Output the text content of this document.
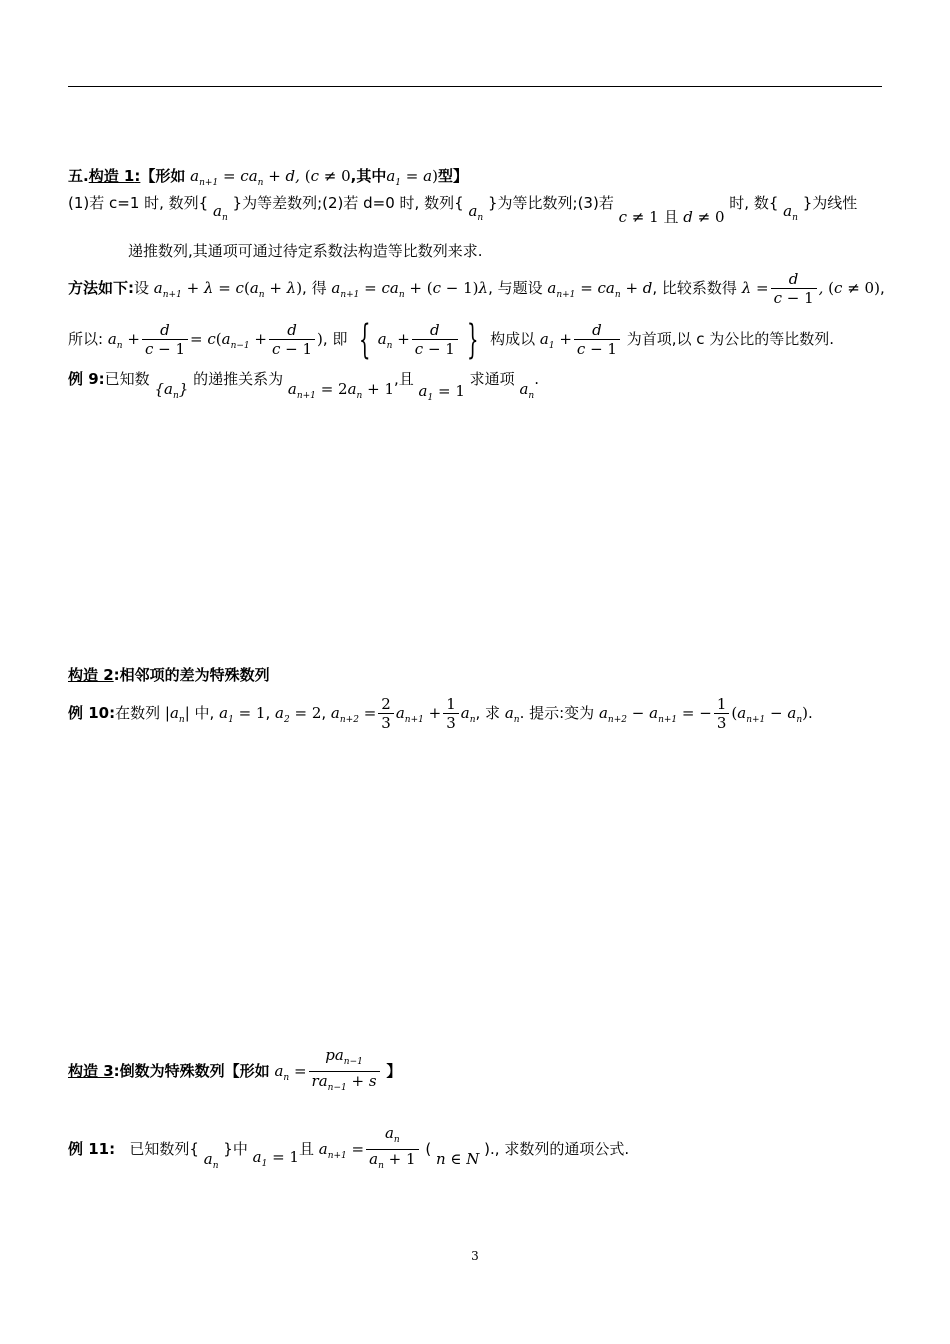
五.构造 1:【形如 $a_{n+1} = ca_n + d$, (c ≠ 0,其中$a_1 = a$)型】
(1)若 c=1 时, 数列{ $a_n$ }为等差数列;(2)若 d=0 时, 数列{ $a_n$ }为等比数列;(3)若 c ≠ 1 且 d ≠ 0 时, 数{ $a_n$ }为线性
递推数列,其通项可通过待定系数法构造等比数列来求.
方法如下:设 $a_{n+1} + \lambda = c(a_n + \lambda)$, 得 $a_{n+1} = ca_n + (c - 1)\lambda$, 与题设 $a_{n+1} = ca_n + d$, 比较系数得 $\lambda = \frac{d}{c - 1}$ , (c ≠ 0),
所以: $a_n + \frac{d}{c - 1} = c(a_{n-1} + \frac{d}{c - 1}$ ), 即 { $a_n + \frac{d}{c - 1}$ } 构成以 $a_1 + \frac{d}{c - 1}$ 为首项,以 c 为公比的等比数列.
例 9:已知数 $\{a_n\}$ 的递推关系为 $a_{n+1} = 2a_n + 1$,且 $a_1 = 1$ 求通项 $a_n$.
构造 2:相邻项的差为特殊数列
例 10:在数列 $|a_n|$ 中, $a_1 = 1$, $a_2 = 2$, $a_{n+2} = \frac{2}{3} a_{n+1} + \frac{1}{3} a_n$, 求 $a_n$. 提示:变为 $a_{n+2} - a_{n+1}$ = − $\frac{1}{3} (a_{n+1} - a_n)$.
构造 3:倒数为特殊数列【形如 $a_n = \frac{pa_{n-1}}{ra_{n-1} + s}$ 】
例 11: 已知数列{ $a_n$ }中 $a_1 = 1$且 $a_{n+1} = \frac{a_n}{a_n + 1}$ ( n ∈ N )., 求数列的通项公式.
3
